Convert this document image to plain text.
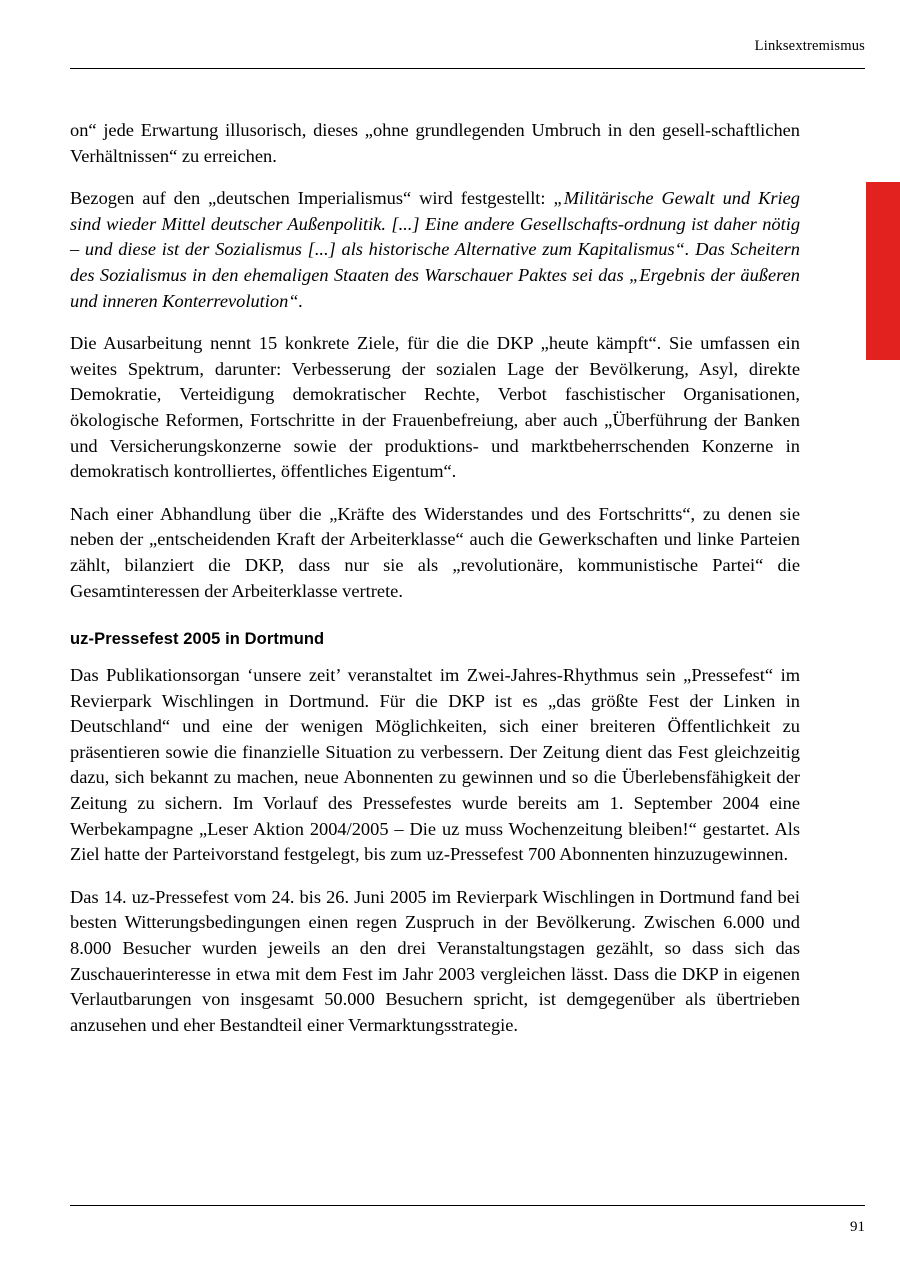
Linksextremismus

on“ jede Erwartung illusorisch, dieses „ohne grundlegenden Umbruch in den gesell-schaftlichen Verhältnissen“ zu erreichen.

Bezogen auf den „deutschen Imperialismus“ wird festgestellt: „Militärische Gewalt und Krieg sind wieder Mittel deutscher Außenpolitik. [...] Eine andere Gesellschafts-ordnung ist daher nötig – und diese ist der Sozialismus [...] als historische Alternative zum Kapitalismus“. Das Scheitern des Sozialismus in den ehemaligen Staaten des Warschauer Paktes sei das „Ergebnis der äußeren und inneren Konterrevolution“.

Die Ausarbeitung nennt 15 konkrete Ziele, für die die DKP „heute kämpft“. Sie umfassen ein weites Spektrum, darunter: Verbesserung der sozialen Lage der Bevölkerung, Asyl, direkte Demokratie, Verteidigung demokratischer Rechte, Verbot faschistischer Organisationen, ökologische Reformen, Fortschritte in der Frauenbefreiung, aber auch „Überführung der Banken und Versicherungskonzerne sowie der produktions- und marktbeherrschenden Konzerne in demokratisch kontrolliertes, öffentliches Eigentum“.

Nach einer Abhandlung über die „Kräfte des Widerstandes und des Fortschritts“, zu denen sie neben der „entscheidenden Kraft der Arbeiterklasse“ auch die Gewerkschaften und linke Parteien zählt, bilanziert die DKP, dass nur sie als „revolutionäre, kommunistische Partei“ die Gesamtinteressen der Arbeiterklasse vertrete.

uz-Pressefest 2005 in Dortmund

Das Publikationsorgan ‘unsere zeit’ veranstaltet im Zwei-Jahres-Rhythmus sein „Pressefest“ im Revierpark Wischlingen in Dortmund. Für die DKP ist es „das größte Fest der Linken in Deutschland“ und eine der wenigen Möglichkeiten, sich einer breiteren Öffentlichkeit zu präsentieren sowie die finanzielle Situation zu verbessern. Der Zeitung dient das Fest gleichzeitig dazu, sich bekannt zu machen, neue Abonnenten zu gewinnen und so die Überlebensfähigkeit der Zeitung zu sichern. Im Vorlauf des Pressefestes wurde bereits am 1. September 2004 eine Werbekampagne „Leser Aktion 2004/2005 – Die uz muss Wochenzeitung bleiben!“ gestartet. Als Ziel hatte der Parteivorstand festgelegt, bis zum uz-Pressefest 700 Abonnenten hinzuzugewinnen.

Das 14. uz-Pressefest vom 24. bis 26. Juni 2005 im Revierpark Wischlingen in Dortmund fand bei besten Witterungsbedingungen einen regen Zuspruch in der Bevölkerung. Zwischen 6.000 und 8.000 Besucher wurden jeweils an den drei Veranstaltungstagen gezählt, so dass sich das Zuschauerinteresse in etwa mit dem Fest im Jahr 2003 vergleichen lässt. Dass die DKP in eigenen Verlautbarungen von insgesamt 50.000 Besuchern spricht, ist demgegenüber als übertrieben anzusehen und eher Bestandteil einer Vermarktungsstrategie.

91
